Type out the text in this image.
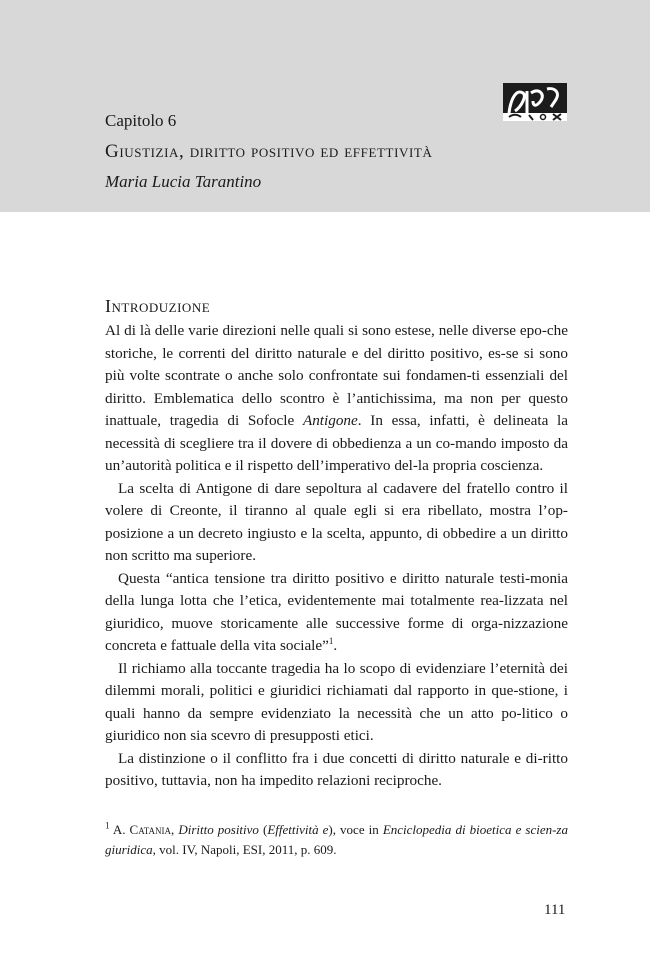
Capitolo 6
Giustizia, diritto positivo ed effettività
Maria Lucia Tarantino
Introduzione

Al di là delle varie direzioni nelle quali si sono estese, nelle diverse epo-che storiche, le correnti del diritto naturale e del diritto positivo, es-se si sono più volte scontrate o anche solo confrontate sui fondamen-ti essenziali del diritto. Emblematica dello scontro è l’antichissima, ma non per questo inattuale, tragedia di Sofocle Antigone. In essa, infatti, è delineata la necessità di scegliere tra il dovere di obbedienza a un co-mando imposto da un’autorità politica e il rispetto dell’imperativo del-la propria coscienza.

La scelta di Antigone di dare sepoltura al cadavere del fratello contro il volere di Creonte, il tiranno al quale egli si era ribellato, mostra l’op-posizione a un decreto ingiusto e la scelta, appunto, di obbedire a un diritto non scritto ma superiore.

Questa “antica tensione tra diritto positivo e diritto naturale testi-monia della lunga lotta che l’etica, evidentemente mai totalmente rea-lizzata nel giuridico, muove storicamente alle successive forme di orga-nizzazione concreta e fattuale della vita sociale”$^1$.

Il richiamo alla toccante tragedia ha lo scopo di evidenziare l’eternità dei dilemmi morali, politici e giuridici richiamati dal rapporto in que-stione, i quali hanno da sempre evidenziato la necessità che un atto po-litico o giuridico non sia scevro di presupposti etici.

La distinzione o il conflitto fra i due concetti di diritto naturale e di-ritto positivo, tuttavia, non ha impedito relazioni reciproche.

$^1$ A. Catania, Diritto positivo (Effettività e), voce in Enciclopedia di bioetica e scien-za giuridica, vol. IV, Napoli, ESI, 2011, p. 609.
111
